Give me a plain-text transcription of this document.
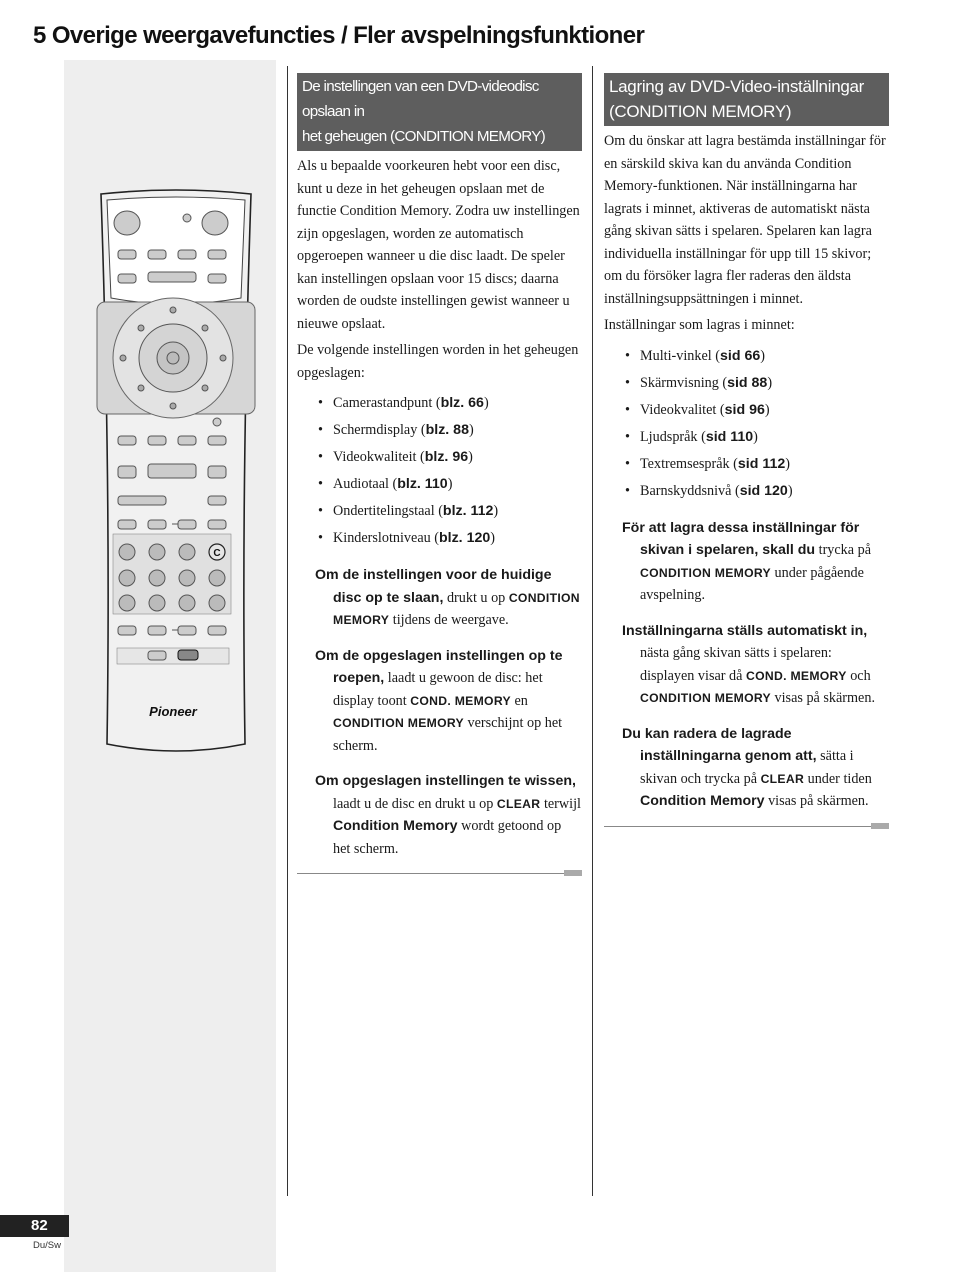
5 Overige weergavefuncties / Fler avspelningsfunktioner
C
Pioneer
De instellingen van een DVD-videodisc opslaan in
het geheugen (CONDITION MEMORY)

Als u bepaalde voorkeuren hebt voor een disc, kunt u deze in het geheugen opslaan met de functie Condition Memory. Zodra uw instellingen zijn opgeslagen, worden ze automatisch opgeroepen wanneer u die disc laadt. De speler kan instellingen opslaan voor 15 discs; daarna worden de oudste instellingen gewist wanneer u nieuwe opslaat.

De volgende instellingen worden in het geheugen opgeslagen:

• Camerastandpunt (blz. 66)
• Schermdisplay (blz. 88)
• Videokwaliteit (blz. 96)
• Audiotaal (blz. 110)
• Ondertitelingstaal (blz. 112)
• Kinderslotniveau (blz. 120)

Om de instellingen voor de huidige disc op te slaan, drukt u op CONDITION MEMORY tijdens de weergave.

Om de opgeslagen instellingen op te roepen, laadt u gewoon de disc: het display toont COND. MEMORY en CONDITION MEMORY verschijnt op het scherm.

Om opgeslagen instellingen te wissen, laadt u de disc en drukt u op CLEAR terwijl Condition Memory wordt getoond op het scherm.

Lagring av DVD-Video-inställningar
(CONDITION MEMORY)

Om du önskar att lagra bestämda inställningar för en särskild skiva kan du använda Condition Memory-funktionen. När inställningarna har lagrats i minnet, aktiveras de automatiskt nästa gång skivan sätts i spelaren. Spelaren kan lagra individuella inställningar för upp till 15 skivor; om du försöker lagra fler raderas den äldsta inställningsuppsättningen i minnet.

Inställningar som lagras i minnet:

• Multi-vinkel (sid 66)
• Skärmvisning (sid 88)
• Videokvalitet (sid 96)
• Ljudspråk (sid 110)
• Textremsespråk (sid 112)
• Barnskyddsnivå (sid 120)

För att lagra dessa inställningar för skivan i spelaren, skall du trycka på CONDITION MEMORY under pågående avspelning.

Inställningarna ställs automatiskt in, nästa gång skivan sätts i spelaren: displayen visar då COND. MEMORY och CONDITION MEMORY visas på skärmen.

Du kan radera de lagrade inställningarna genom att, sätta i skivan och trycka på CLEAR under tiden Condition Memory visas på skärmen.

82
Du/Sw
